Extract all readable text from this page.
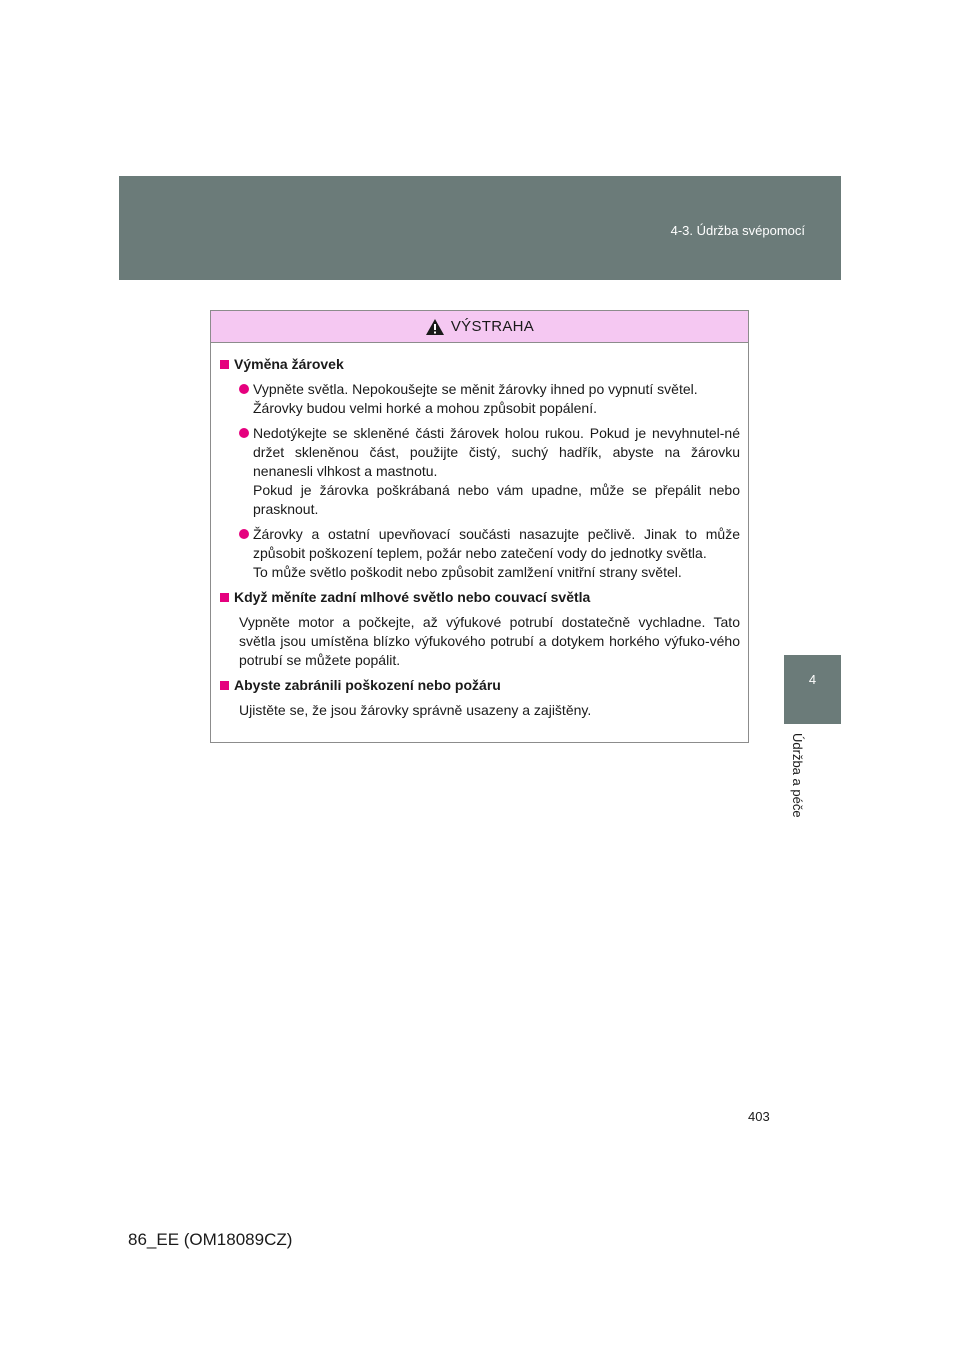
4-3. Údržba svépomocí
4
Údržba a péče
VÝSTRAHA
Výměna žárovek

Vypněte světla. Nepokoušejte se měnit žárovky ihned po vypnutí světel.

Žárovky budou velmi horké a mohou způsobit popálení.

Nedotýkejte se skleněné části žárovek holou rukou. Pokud je nevyhnutel-né držet skleněnou část, použijte čistý, suchý hadřík, abyste na žárovku nenanesli vlhkost a mastnotu.

Pokud je žárovka poškrábaná nebo vám upadne, může se přepálit nebo prasknout.

Žárovky a ostatní upevňovací součásti nasazujte pečlivě. Jinak to může způsobit poškození teplem, požár nebo zatečení vody do jednotky světla.

To může světlo poškodit nebo způsobit zamlžení vnitřní strany světel.

Když měníte zadní mlhové světlo nebo couvací světla

Vypněte motor a počkejte, až výfukové potrubí dostatečně vychladne. Tato světla jsou umístěna blízko výfukového potrubí a dotykem horkého výfuko-vého potrubí se můžete popálit.

Abyste zabránili poškození nebo požáru

Ujistěte se, že jsou žárovky správně usazeny a zajištěny.

403
86_EE (OM18089CZ)
